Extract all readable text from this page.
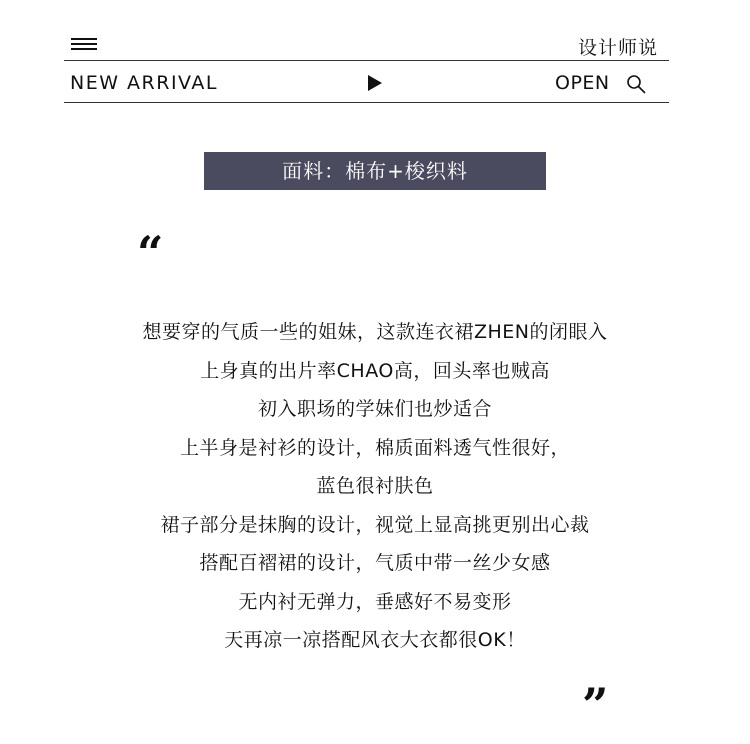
设计师说
NEW ARRIVAL	OPEN
面料：棉布+梭织料
“
想要穿的气质一些的姐妹，这款连衣裙ZHEN的闭眼入
上身真的出片率CHAO高，回头率也贼高
初入职场的学妹们也炒适合
上半身是衬衫的设计，棉质面料透气性很好，
蓝色很衬肤色
裙子部分是抹胸的设计，视觉上显高挑更别出心裁
搭配百褶裙的设计，气质中带一丝少女感
无内衬无弹力，垂感好不易变形
天再凉一凉搭配风衣大衣都很OK！
”
